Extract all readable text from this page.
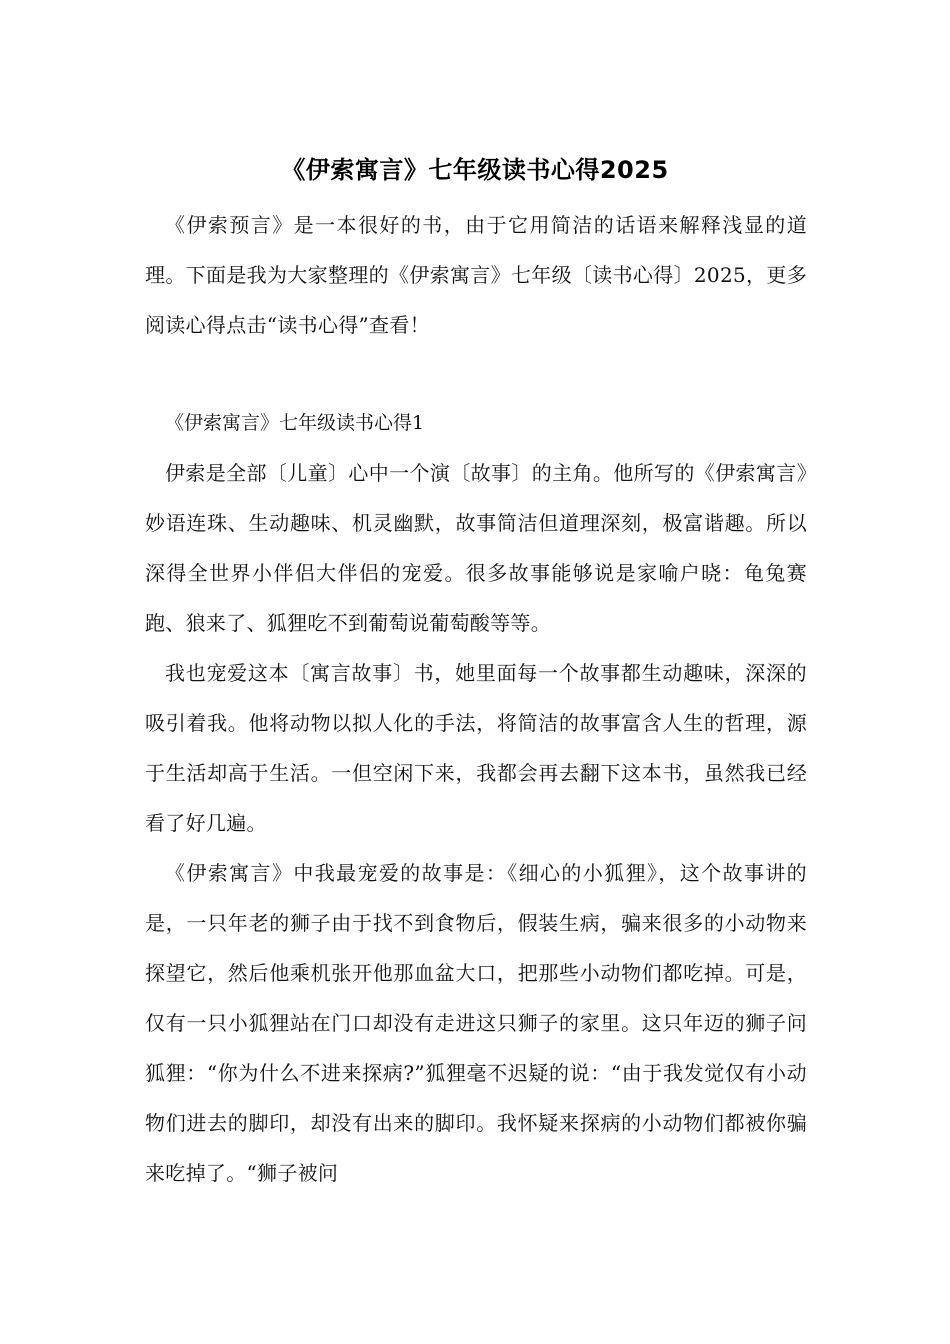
《伊索寓言》七年级读书心得2025

《伊索预言》是一本很好的书，由于它用简洁的话语来解释浅显的道理。下面是我为大家整理的《伊索寓言》七年级〔读书心得〕2025，更多阅读心得点击“读书心得”查看！

《伊索寓言》七年级读书心得1

伊索是全部〔儿童〕心中一个演〔故事〕的主角。他所写的《伊索寓言》妙语连珠、生动趣味、机灵幽默，故事简洁但道理深刻，极富谐趣。所以深得全世界小伴侣大伴侣的宠爱。很多故事能够说是家喻户晓：龟兔赛跑、狼来了、狐狸吃不到葡萄说葡萄酸等等。

我也宠爱这本〔寓言故事〕书，她里面每一个故事都生动趣味，深深的吸引着我。他将动物以拟人化的手法，将简洁的故事富含人生的哲理，源于生活却高于生活。一但空闲下来，我都会再去翻下这本书，虽然我已经看了好几遍。

《伊索寓言》中我最宠爱的故事是：《细心的小狐狸》，这个故事讲的是，一只年老的狮子由于找不到食物后，假装生病，骗来很多的小动物来探望它，然后他乘机张开他那血盆大口，把那些小动物们都吃掉。可是，仅有一只小狐狸站在门口却没有走进这只狮子的家里。这只年迈的狮子问狐狸：“你为什么不进来探病?”狐狸毫不迟疑的说：“由于我发觉仅有小动物们进去的脚印，却没有出来的脚印。我怀疑来探病的小动物们都被你骗来吃掉了。“狮子被问
